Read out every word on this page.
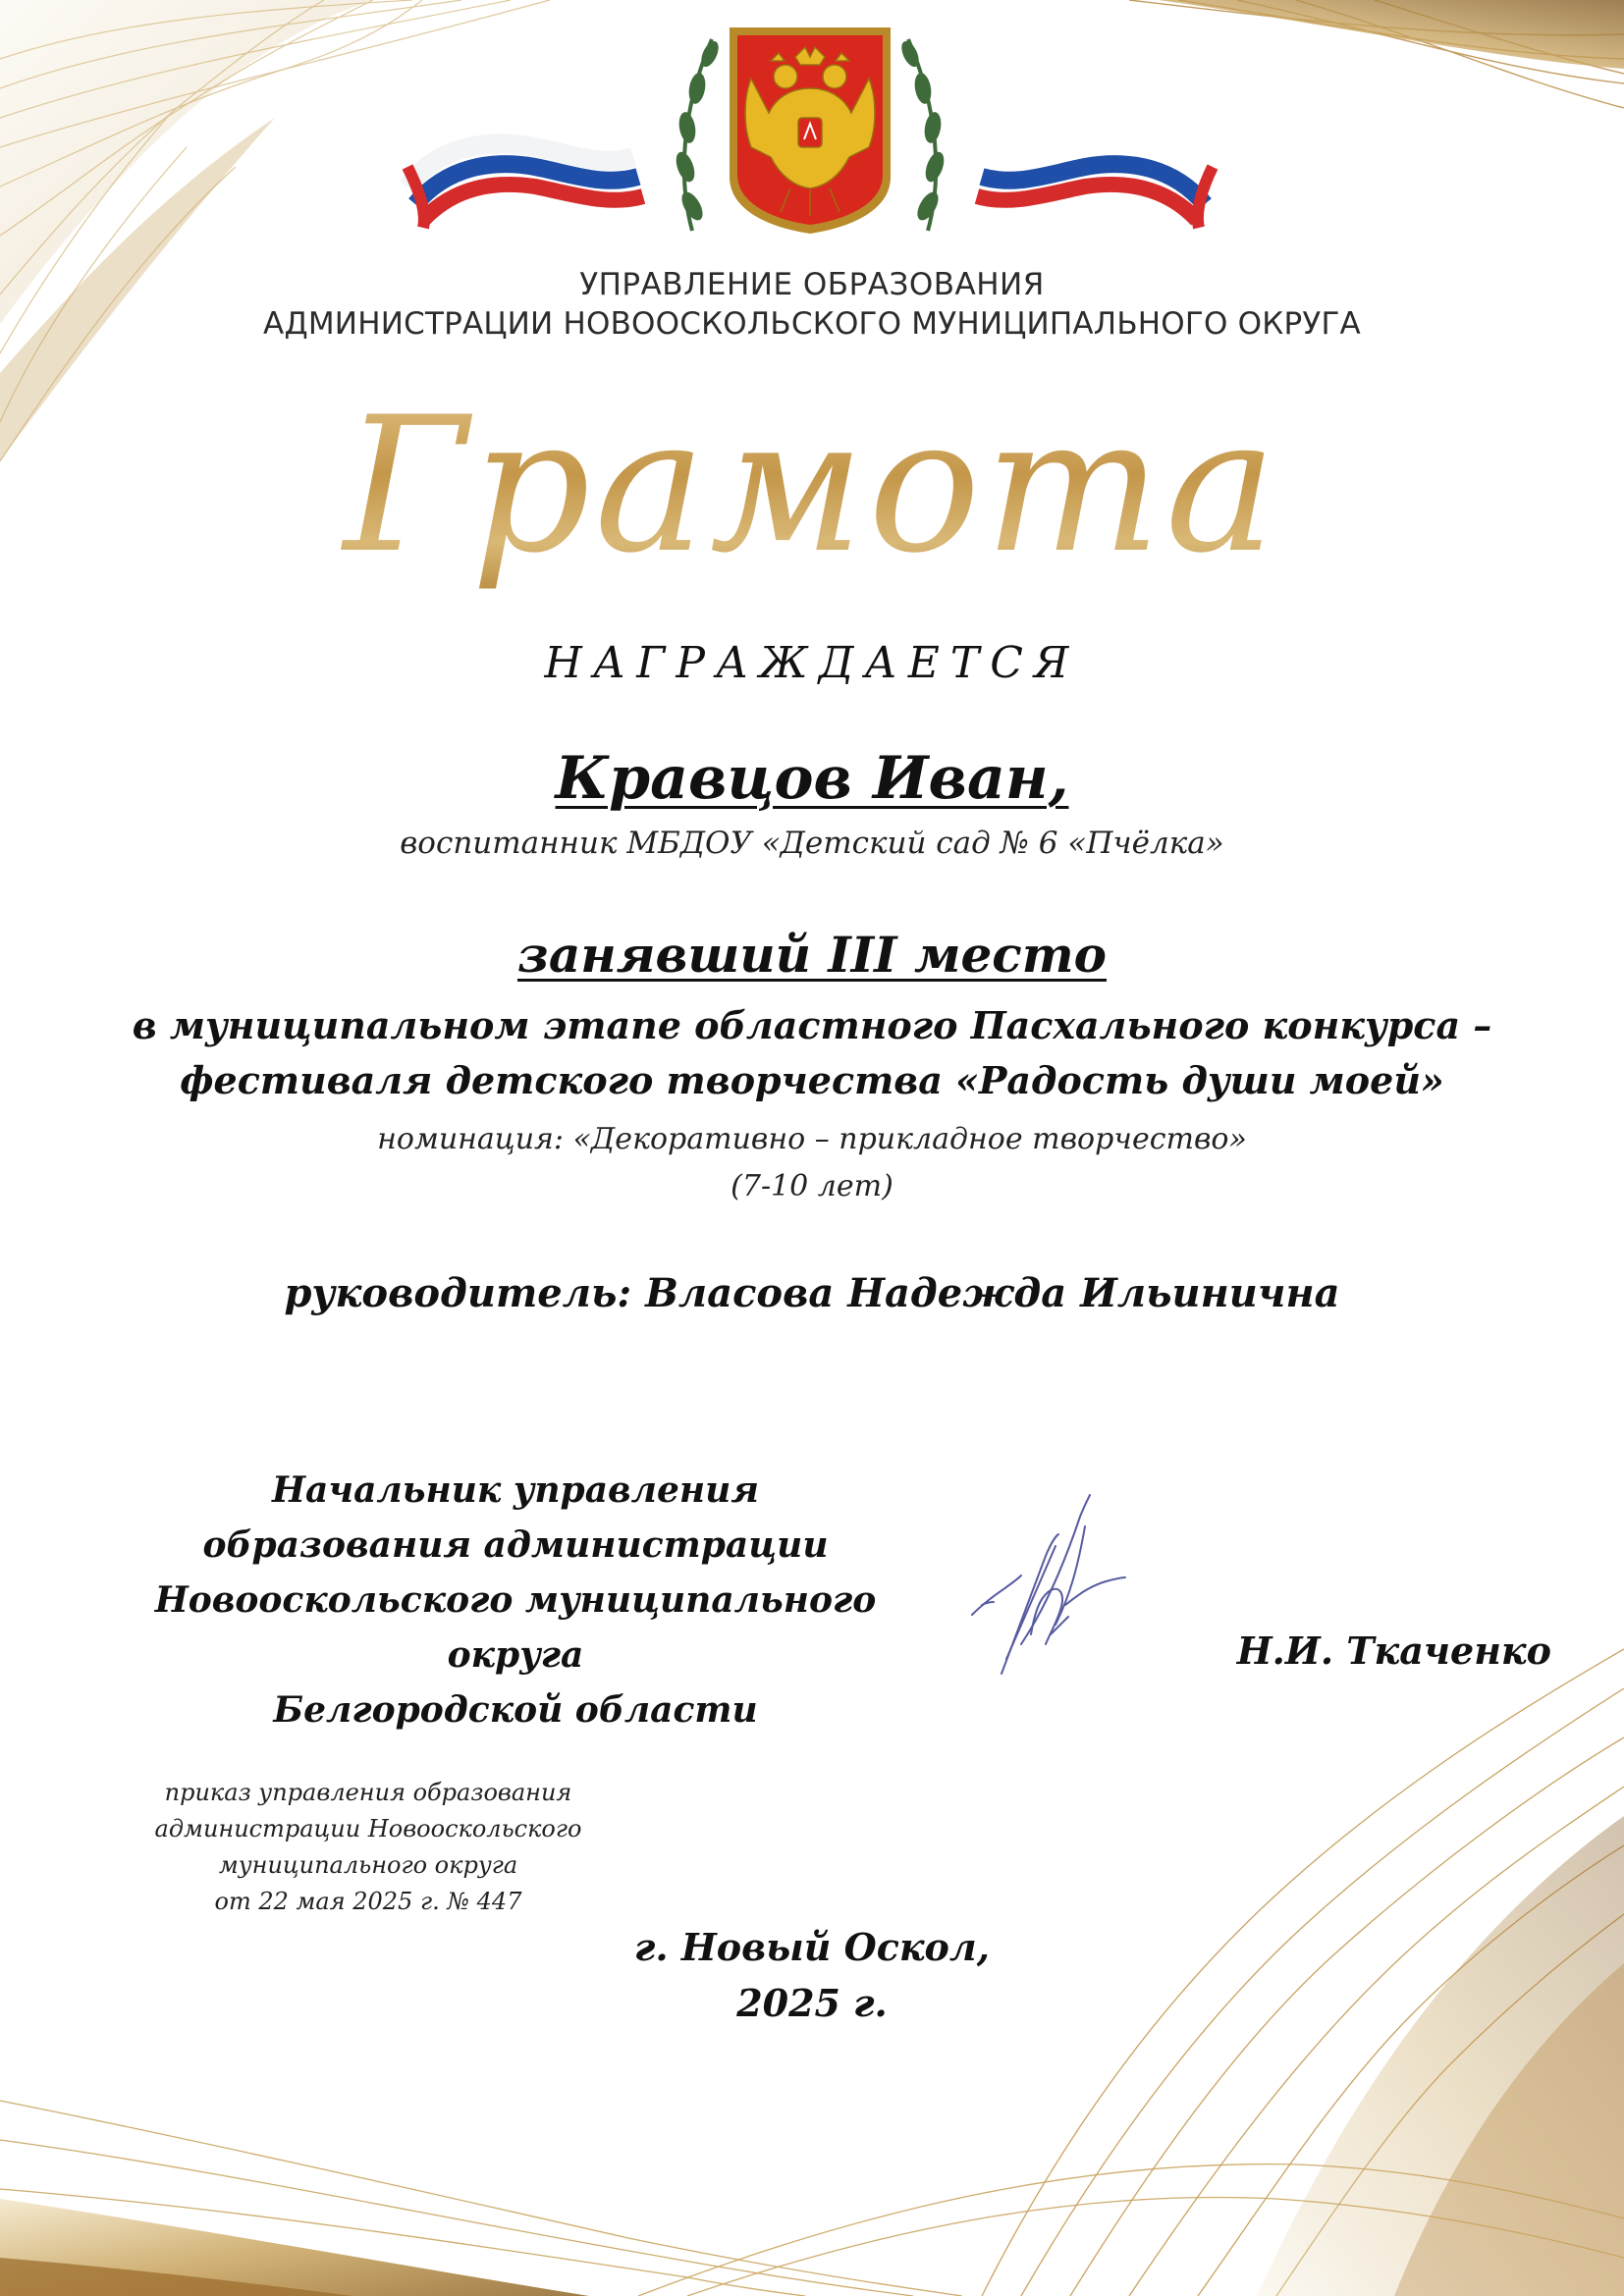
УПРАВЛЕНИЕ ОБРАЗОВАНИЯ
АДМИНИСТРАЦИИ НОВООСКОЛЬСКОГО МУНИЦИПАЛЬНОГО ОКРУГА
Грамота
НАГРАЖДАЕТСЯ
Кравцов Иван,
воспитанник МБДОУ «Детский сад № 6 «Пчёлка»
занявший III место
в муниципальном этапе областного Пасхального конкурса –
фестиваля детского творчества «Радость души моей»
номинация: «Декоративно – прикладное творчество»
(7-10 лет)
руководитель: Власова Надежда Ильинична
Начальник управления
образования администрации
Новооскольского муниципального округа
Белгородской области
Н.И. Ткаченко
приказ управления образования
администрации Новооскольского
муниципального округа
от 22 мая 2025 г. № 447
г. Новый Оскол,
2025 г.
